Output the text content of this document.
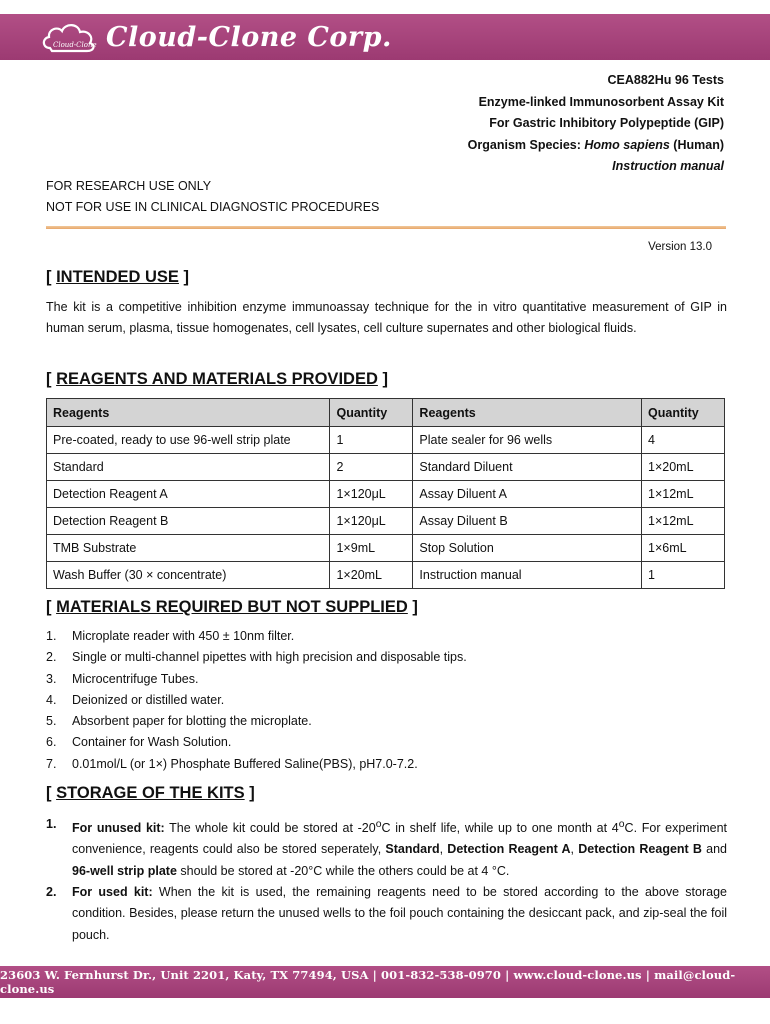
Cloud-Clone Cloud-Clone Corp.
CEA882Hu 96 Tests
Enzyme-linked Immunosorbent Assay Kit
For Gastric Inhibitory Polypeptide (GIP)
Organism Species: Homo sapiens (Human)
Instruction manual
FOR RESEARCH USE ONLY
NOT FOR USE IN CLINICAL DIAGNOSTIC PROCEDURES
Version 13.0
[ INTENDED USE ]
The kit is a competitive inhibition enzyme immunoassay technique for the in vitro quantitative measurement of GIP in human serum, plasma, tissue homogenates, cell lysates, cell culture supernates and other biological fluids.
[ REAGENTS AND MATERIALS PROVIDED ]
Reagents	Quantity	Reagents	Quantity
Pre-coated, ready to use 96-well strip plate	1	Plate sealer for 96 wells	4
Standard	2	Standard Diluent	1×20mL
Detection Reagent A	1×120μL	Assay Diluent A	1×12mL
Detection Reagent B	1×120μL	Assay Diluent B	1×12mL
TMB Substrate	1×9mL	Stop Solution	1×6mL
Wash Buffer (30 × concentrate)	1×20mL	Instruction manual	1
[ MATERIALS REQUIRED BUT NOT SUPPLIED ]
1.	Microplate reader with 450 ± 10nm filter.
2.	Single or multi-channel pipettes with high precision and disposable tips.
3.	Microcentrifuge Tubes.
4.	Deionized or distilled water.
5.	Absorbent paper for blotting the microplate.
6.	Container for Wash Solution.
7.	0.01mol/L (or 1×) Phosphate Buffered Saline(PBS), pH7.0-7.2.
[ STORAGE OF THE KITS ]
1.	For unused kit: The whole kit could be stored at -20$^o$C in shelf life, while up to one month at 4$^o$C. For experiment convenience, reagents could also be stored seperately, Standard, Detection Reagent A, Detection Reagent B and 96-well strip plate should be stored at -20°C while the others could be at 4 °C.
2.	For used kit: When the kit is used, the remaining reagents need to be stored according to the above storage condition. Besides, please return the unused wells to the foil pouch containing the desiccant pack, and zip-seal the foil pouch.
23603 W. Fernhurst Dr., Unit 2201, Katy, TX 77494, USA | 001-832-538-0970 | www.cloud-clone.us | mail@cloud-clone.us
